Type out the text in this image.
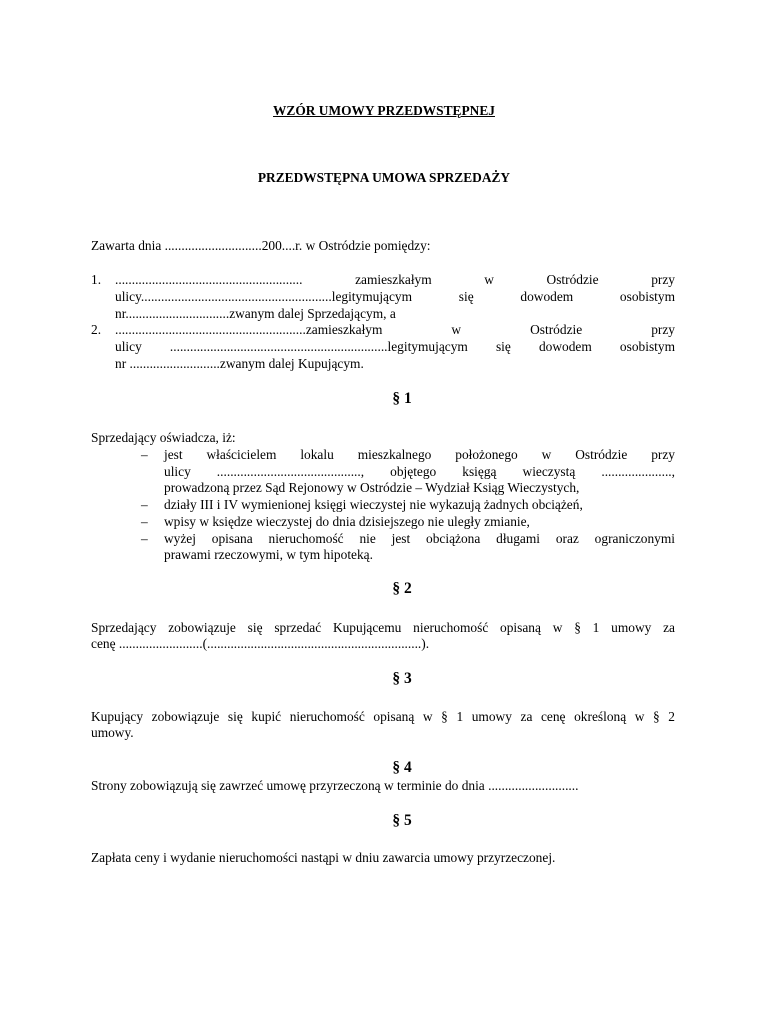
WZÓR UMOWY PRZEDWSTĘPNEJ
PRZEDWSTĘPNA UMOWA SPRZEDAŻY
Zawarta dnia .............................200....r. w Ostródzie pomiędzy:
1.	........................................................ zamieszkałym w Ostródzie przy
ulicy.........................................................legitymującym się dowodem osobistym
nr...............................zwanym dalej Sprzedającym, a
2.	.........................................................zamieszkałym w Ostródzie przy
ulicy .................................................................legitymującym się dowodem osobistym
nr ...........................zwanym dalej Kupującym.
§ 1
Sprzedający oświadcza, iż:
–	jest właścicielem lokalu mieszkalnego położonego w Ostródzie przy
ulicy ..........................................., objętego księgą wieczystą .....................,
prowadzoną przez Sąd Rejonowy w Ostródzie – Wydział Ksiąg Wieczystych,
–	działy III i IV wymienionej księgi wieczystej nie wykazują żadnych obciążeń,
–	wpisy w księdze wieczystej do dnia dzisiejszego nie uległy zmianie,
–	wyżej opisana nieruchomość nie jest obciążona długami oraz ograniczonymi
prawami rzeczowymi, w tym hipoteką.
§ 2
Sprzedający zobowiązuje się sprzedać Kupującemu nieruchomość opisaną w § 1 umowy za
cenę .........................(................................................................).
§ 3
Kupujący zobowiązuje się kupić nieruchomość opisaną w § 1 umowy za cenę określoną w § 2
umowy.
§ 4
Strony zobowiązują się zawrzeć umowę przyrzeczoną w terminie do dnia ...........................
§ 5
Zapłata ceny i wydanie nieruchomości nastąpi w dniu zawarcia umowy przyrzeczonej.
